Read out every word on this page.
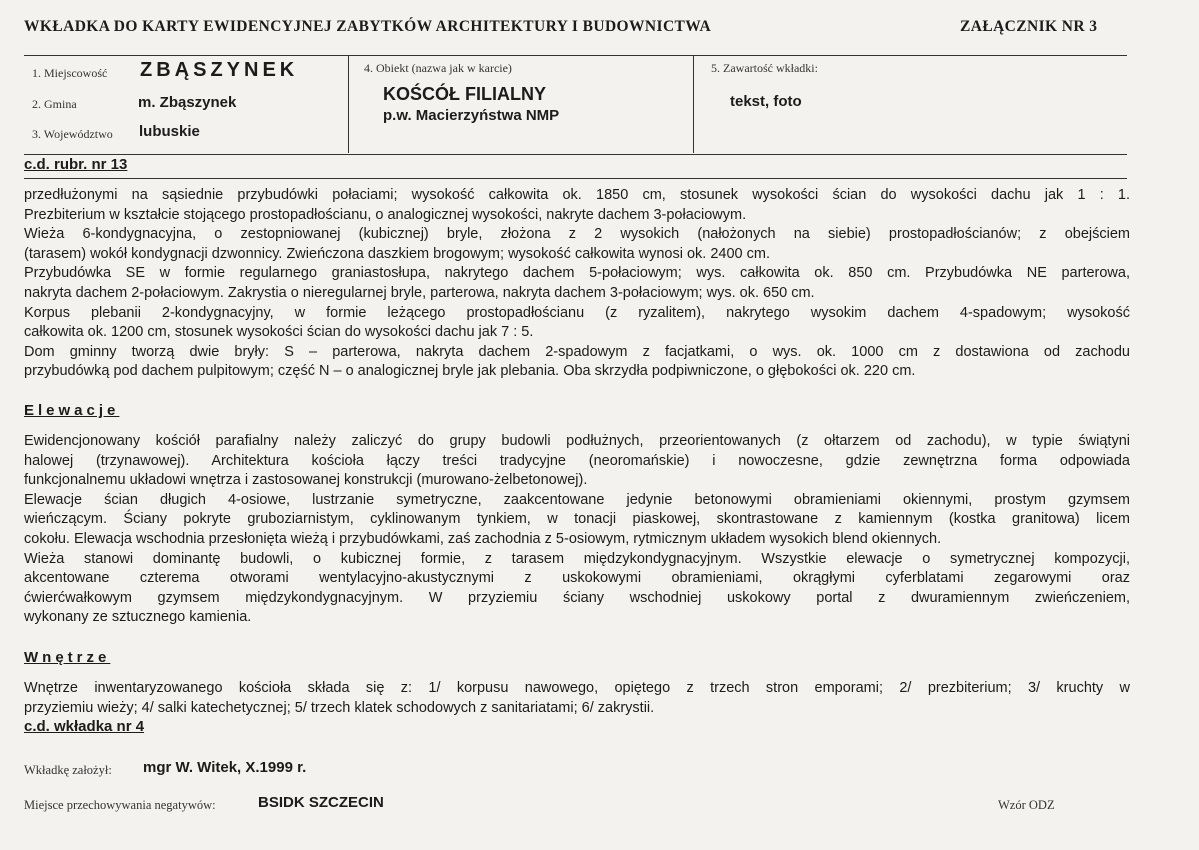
WKŁADKA DO KARTY EWIDENCYJNEJ ZABYTKÓW ARCHITEKTURY I BUDOWNICTWA	ZAŁĄCZNIK NR 3
1. Miejscowość ZBĄSZYNEK
2. Gmina	m. Zbąszynek
3. Województwo lubuskie
4. Obiekt (nazwa jak w karcie)
KOŚCÓŁ FILIALNY
p.w. Macierzyństwa NMP
5. Zawartość wkładki:
tekst, foto
c.d. rubr. nr 13
przedłużonymi na sąsiednie przybudówki połaciami; wysokość całkowita ok. 1850 cm, stosunek wysokości ścian do wysokości dachu jak 1 : 1.
Prezbiterium w kształcie stojącego prostopadłościanu, o analogicznej wysokości, nakryte dachem 3-połaciowym.
Wieża 6-kondygnacyjna, o zestopniowanej (kubicznej) bryle, złożona z 2 wysokich (nałożonych na siebie) prostopadłościanów; z obejściem
(tarasem) wokół kondygnacji dzwonnicy. Zwieńczona daszkiem brogowym; wysokość całkowita wynosi ok. 2400 cm.
Przybudówka SE w formie regularnego graniastosłupa, nakrytego dachem 5-połaciowym; wys. całkowita ok. 850 cm. Przybudówka NE parterowa,
nakryta dachem 2-połaciowym. Zakrystia o nieregularnej bryle, parterowa, nakryta dachem 3-połaciowym; wys. ok. 650 cm.
Korpus plebanii 2-kondygnacyjny, w formie leżącego prostopadłościanu (z ryzalitem), nakrytego wysokim dachem 4-spadowym; wysokość
całkowita ok. 1200 cm, stosunek wysokości ścian do wysokości dachu jak 7 : 5.
Dom gminny tworzą dwie bryły: S – parterowa, nakryta dachem 2-spadowym z facjatkami, o wys. ok. 1000 cm z dostawiona od zachodu
przybudówką pod dachem pulpitowym; część N – o analogicznej bryle jak plebania. Oba skrzydła podpiwniczone, o głębokości ok. 220 cm.
Elewacje
Ewidencjonowany kościół parafialny należy zaliczyć do grupy budowli podłużnych, przeorientowanych (z ołtarzem od zachodu), w typie świątyni
halowej (trzynawowej). Architektura kościoła łączy treści tradycyjne (neoromańskie) i nowoczesne, gdzie zewnętrzna forma odpowiada
funkcjonalnemu układowi wnętrza i zastosowanej konstrukcji (murowano-żelbetonowej).
Elewacje ścian długich 4-osiowe, lustrzanie symetryczne, zaakcentowane jedynie betonowymi obramieniami okiennymi, prostym gzymsem
wieńczącym. Ściany pokryte gruboziarnistym, cyklinowanym tynkiem, w tonacji piaskowej, skontrastowane z kamiennym (kostka granitowa) licem
cokołu. Elewacja wschodnia przesłonięta wieżą i przybudówkami, zaś zachodnia z 5-osiowym, rytmicznym układem wysokich blend okiennych.
Wieża stanowi dominantę budowli, o kubicznej formie, z tarasem międzykondygnacyjnym. Wszystkie elewacje o symetrycznej kompozycji,
akcentowane czterema otworami wentylacyjno-akustycznymi z uskokowymi obramieniami, okrągłymi cyferblatami zegarowymi oraz
ćwierćwałkowym gzymsem międzykondygnacyjnym. W przyziemiu ściany wschodniej uskokowy portal z dwuramiennym zwieńczeniem,
wykonany ze sztucznego kamienia.
Wnętrze
Wnętrze inwentaryzowanego kościoła składa się z: 1/ korpusu nawowego, opiętego z trzech stron emporami; 2/ prezbiterium; 3/ kruchty w
przyziemiu wieży; 4/ salki katechetycznej; 5/ trzech klatek schodowych z sanitariatami; 6/ zakrystii.
c.d. wkładka nr 4
Wkładkę założył: mgr W. Witek, X.1999 r.
Miejsce przechowywania negatywów:	BSIDK SZCZECIN	Wzór ODZ
